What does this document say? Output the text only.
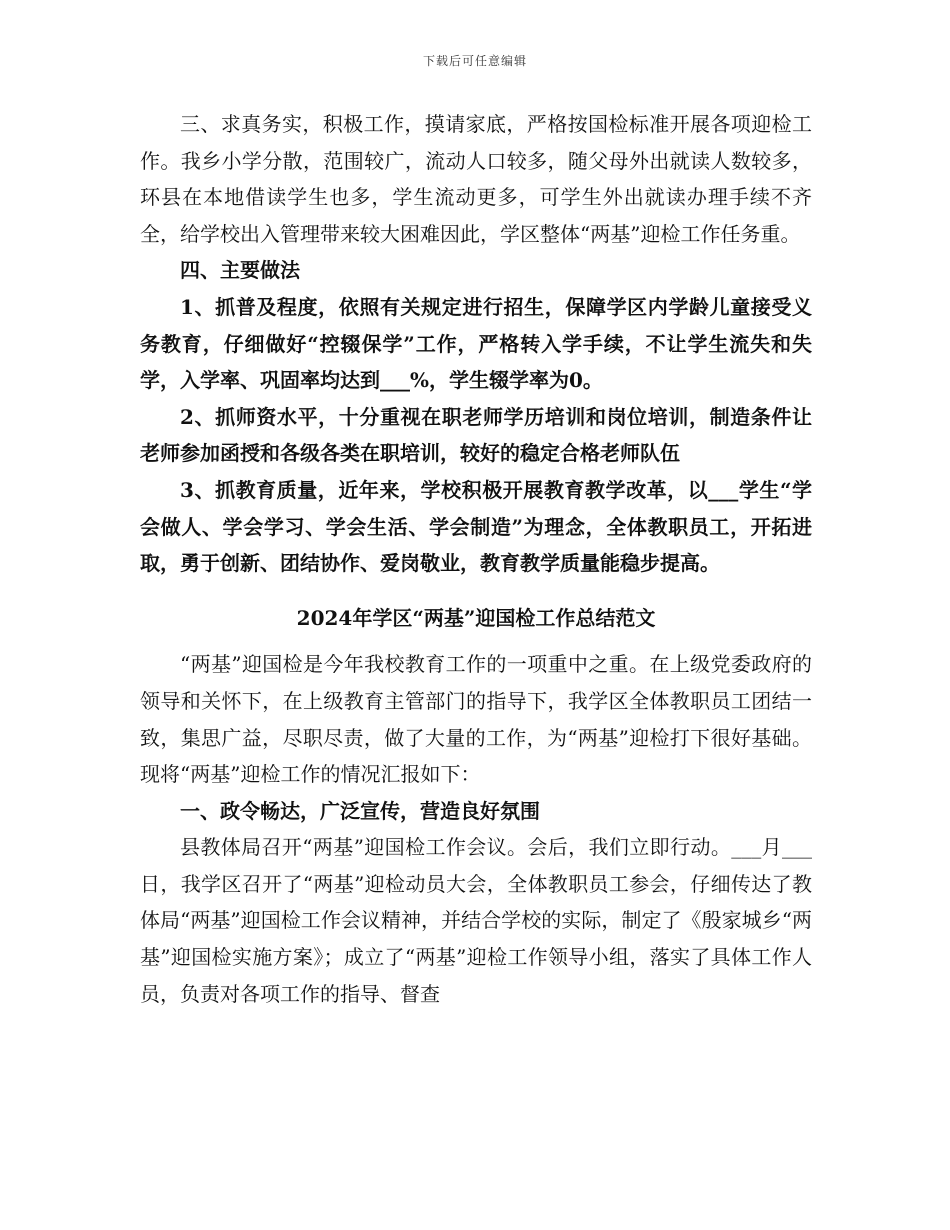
下载后可任意编辑

三、求真务实，积极工作，摸请家底，严格按国检标准开展各项迎检工作。我乡小学分散，范围较广，流动人口较多，随父母外出就读人数较多，环县在本地借读学生也多，学生流动更多，可学生外出就读办理手续不齐全，给学校出入管理带来较大困难因此，学区整体“两基”迎检工作任务重。

四、主要做法

1、抓普及程度，依照有关规定进行招生，保障学区内学龄儿童接受义务教育，仔细做好“控辍保学”工作，严格转入学手续，不让学生流失和失学，入学率、巩固率均达到___%，学生辍学率为0。

2、抓师资水平，十分重视在职老师学历培训和岗位培训，制造条件让老师参加函授和各级各类在职培训，较好的稳定合格老师队伍

3、抓教育质量，近年来，学校积极开展教育教学改革，以___学生“学会做人、学会学习、学会生活、学会制造”为理念，全体教职员工，开拓进取，勇于创新、团结协作、爱岗敬业，教育教学质量能稳步提高。

2024年学区“两基”迎国检工作总结范文

“两基”迎国检是今年我校教育工作的一项重中之重。在上级党委政府的领导和关怀下，在上级教育主管部门的指导下，我学区全体教职员工团结一致，集思广益，尽职尽责，做了大量的工作，为“两基”迎检打下很好基础。现将“两基”迎检工作的情况汇报如下：

一、政令畅达，广泛宣传，营造良好氛围

县教体局召开“两基”迎国检工作会议。会后，我们立即行动。___月___日，我学区召开了“两基”迎检动员大会，全体教职员工参会，仔细传达了教体局“两基”迎国检工作会议精神，并结合学校的实际，制定了《殷家城乡“两基”迎国检实施方案》；成立了“两基”迎检工作领导小组，落实了具体工作人员，负责对各项工作的指导、督查
